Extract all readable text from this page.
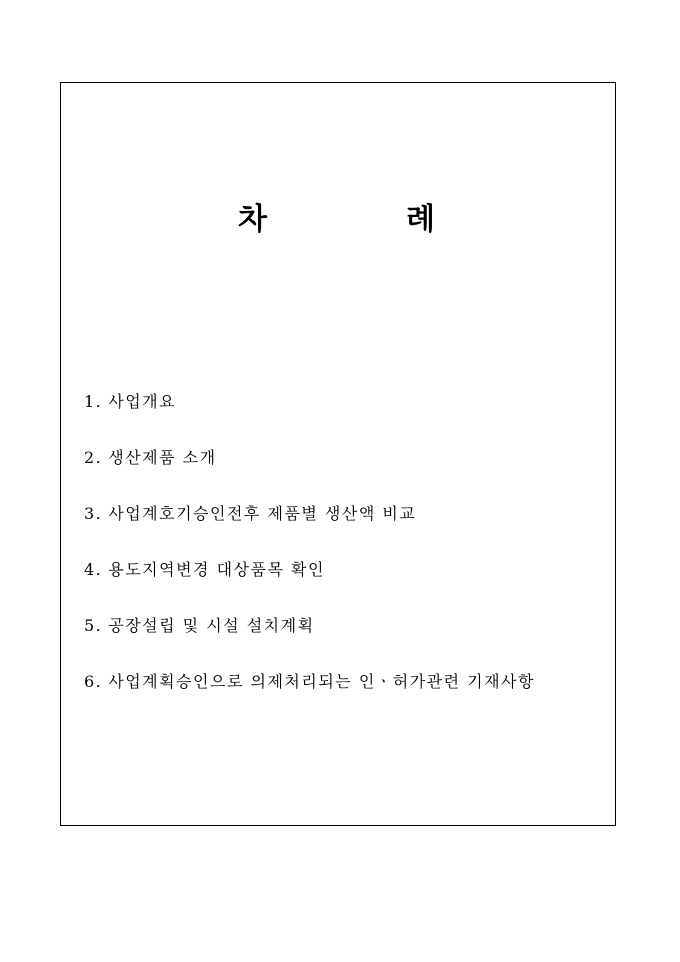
차	례
1. 사업개요
2. 생산제품 소개
3. 사업계호기승인전후 제품별 생산액 비교
4. 용도지역변경 대상품목 확인
5. 공장설립 및 시설 설치계획
6. 사업계획승인으로 의제처리되는 인ㆍ허가관련 기재사항
